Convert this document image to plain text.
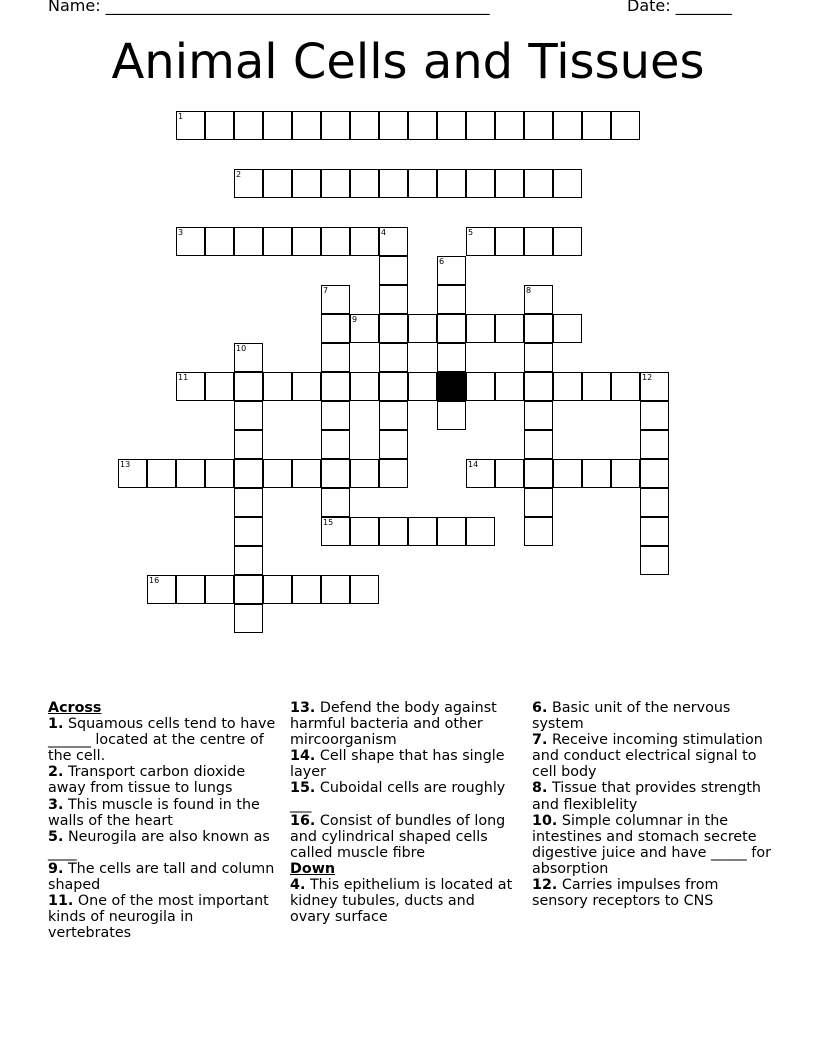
Name: ________________________________________________	Date: _______
Animal Cells and Tissues
1
2
3	4	5
6
7
15
8
9
10
11	12
13	14
16

Across

1. Squamous cells tend to have ______ located at the centre of the cell.

2. Transport carbon dioxide away from tissue to lungs

3. This muscle is found in the walls of the heart

5. Neurogila are also known as ____

9. The cells are tall and column shaped

11. One of the most important kinds of neurogila in vertebrates

13. Defend the body against harmful bacteria and other mircoorganism

14. Cell shape that has single layer

15. Cuboidal cells are roughly ___

16. Consist of bundles of long and cylindrical shaped cells called muscle fibre

Down

4. This epithelium is located at kidney tubules, ducts and ovary surface

6. Basic unit of the nervous system

7. Receive incoming stimulation and conduct electrical signal to cell body

8. Tissue that provides strength and flexiblelity

10. Simple columnar in the intestines and stomach secrete digestive juice and have _____ for absorption

12. Carries impulses from sensory receptors to CNS
